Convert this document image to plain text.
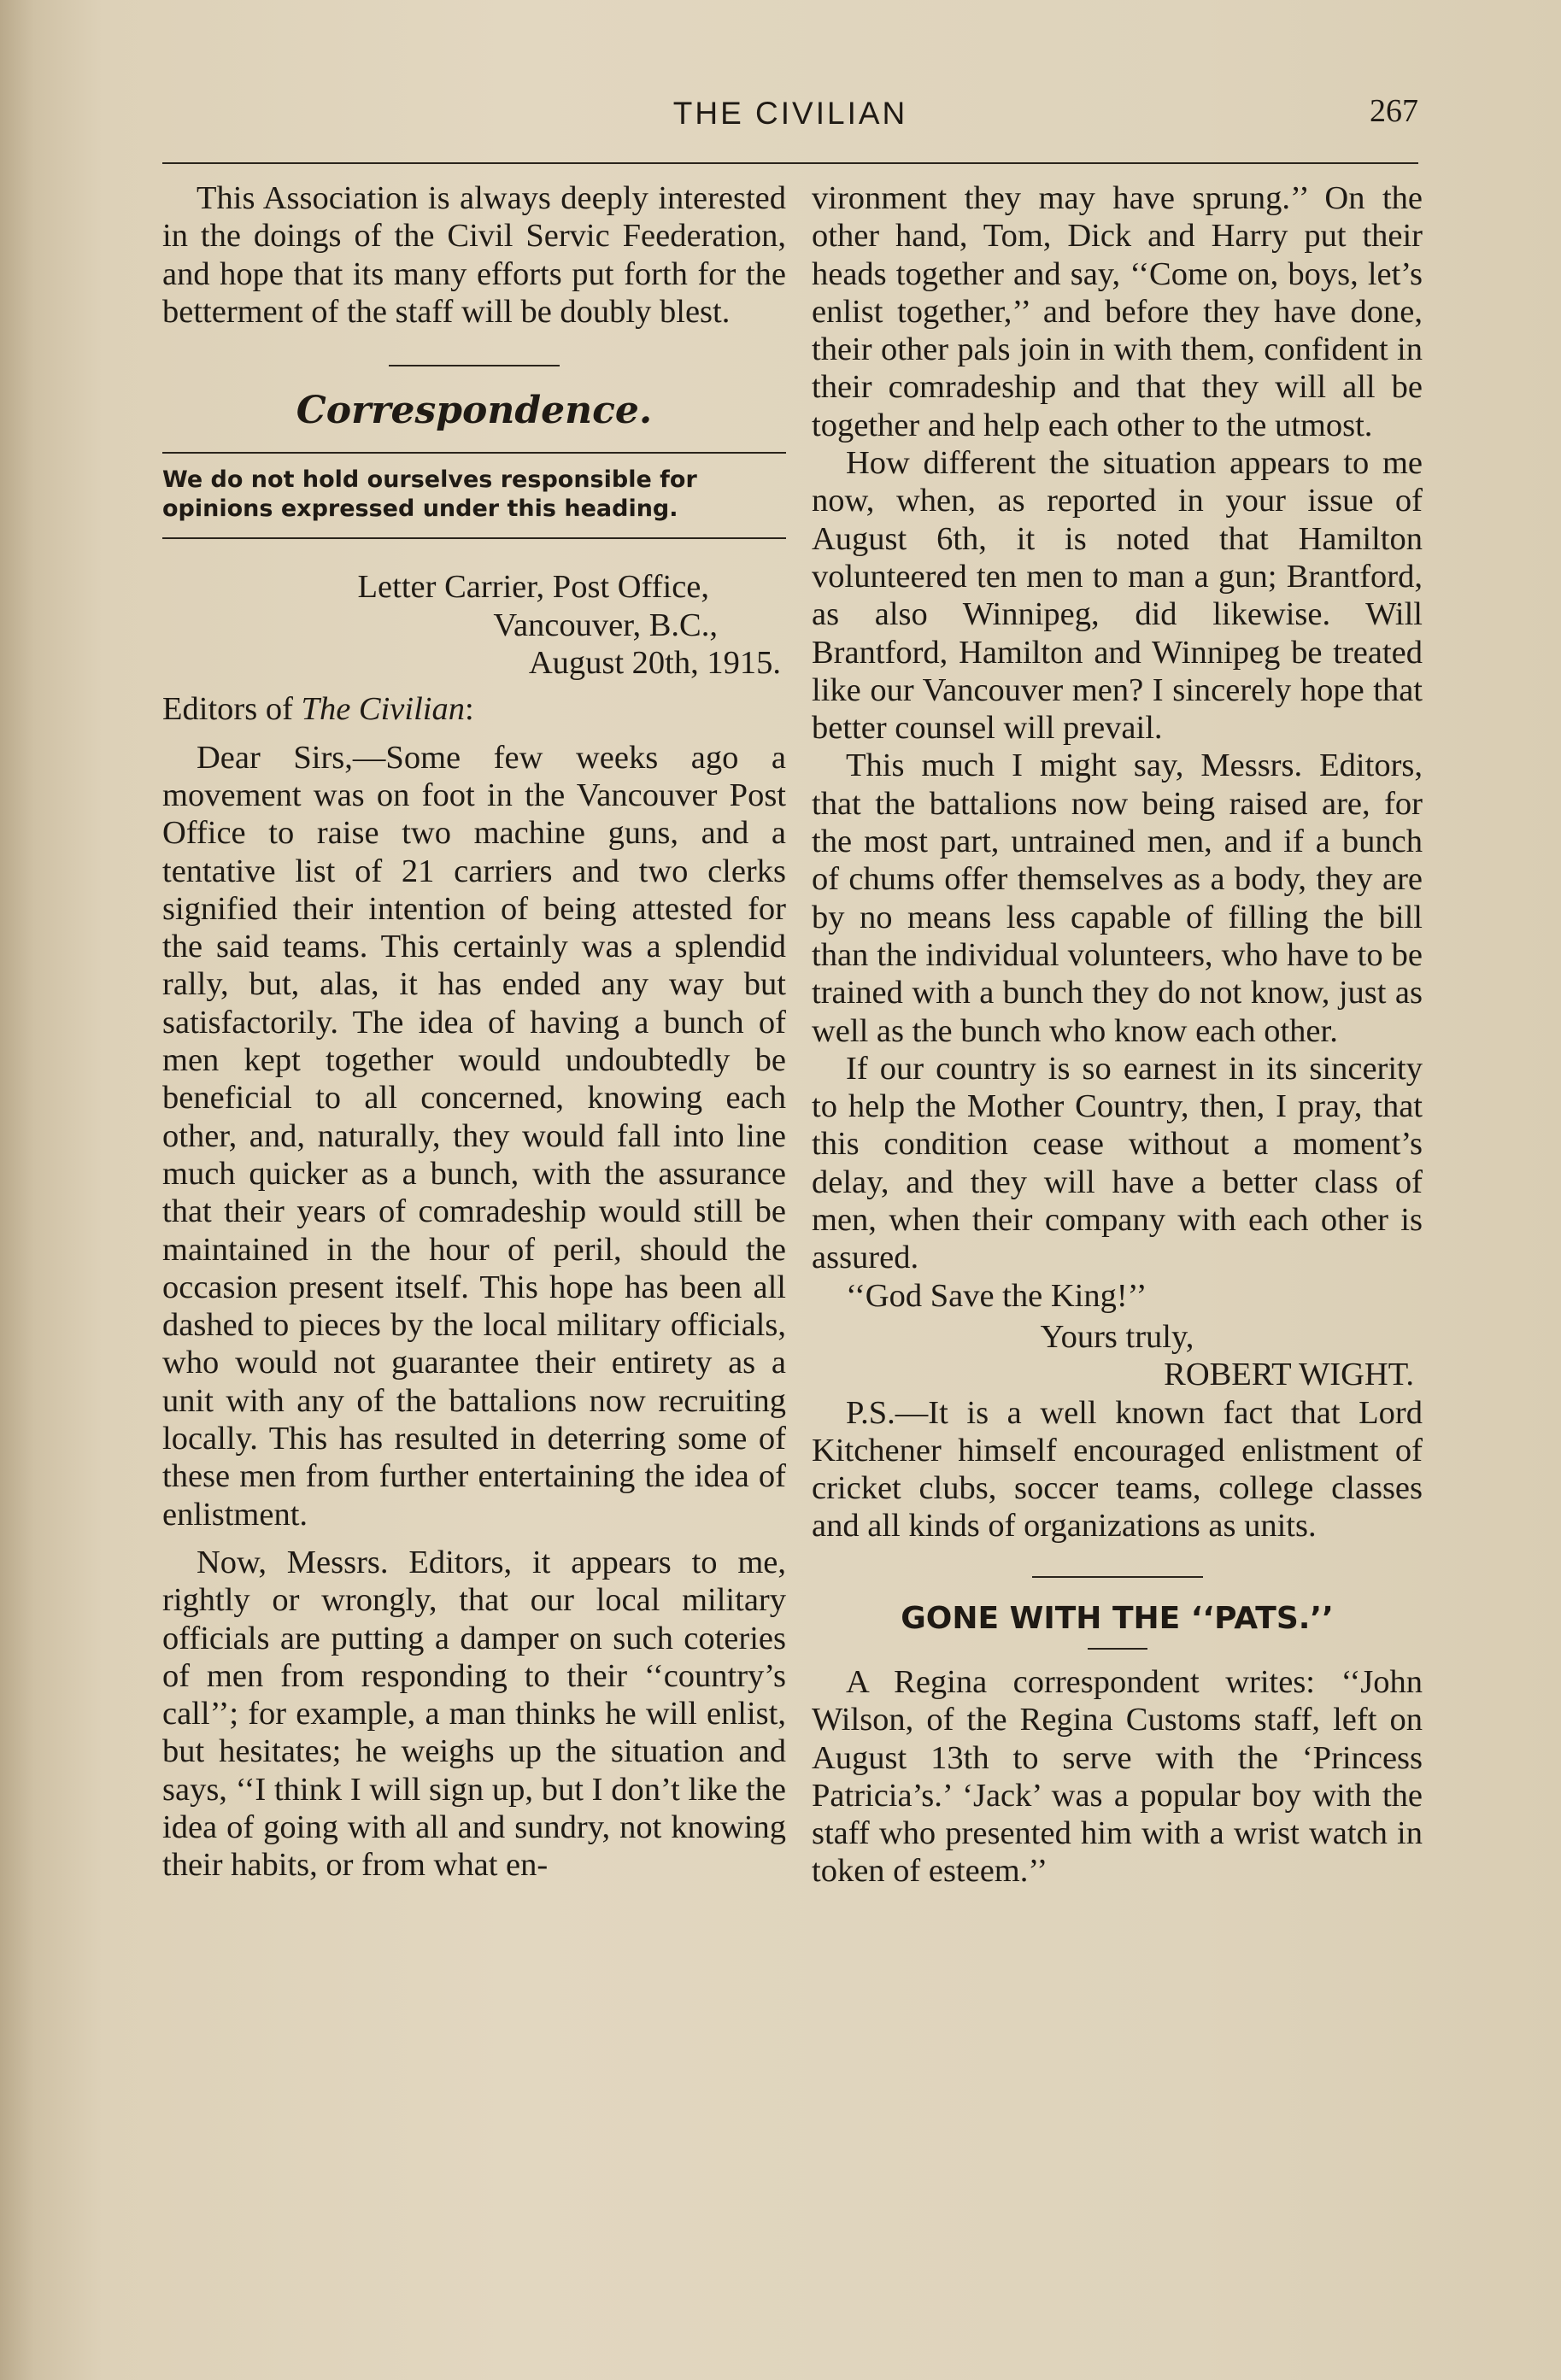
THE CIVILIAN	267

This Association is always deeply interested in the doings of the Civil Servic Feederation, and hope that its many efforts put forth for the betterment of the staff will be doubly blest.

Correspondence.
We do not hold ourselves responsible for opinions expressed under this heading.
Letter Carrier, Post Office,
Vancouver, B.C.,
August 20th, 1915.

Editors of The Civilian:

Dear Sirs,—Some few weeks ago a movement was on foot in the Vancouver Post Office to raise two machine guns, and a tentative list of 21 carriers and two clerks signified their intention of being attested for the said teams. This certainly was a splendid rally, but, alas, it has ended any way but satisfactorily. The idea of having a bunch of men kept together would undoubtedly be beneficial to all concerned, knowing each other, and, naturally, they would fall into line much quicker as a bunch, with the assurance that their years of comradeship would still be maintained in the hour of peril, should the occasion present itself. This hope has been all dashed to pieces by the local military officials, who would not guarantee their entirety as a unit with any of the battalions now recruiting locally. This has resulted in deterring some of these men from further entertaining the idea of enlistment.

Now, Messrs. Editors, it appears to me, rightly or wrongly, that our local military officials are putting a damper on such coteries of men from responding to their ‘‘country’s call’’; for example, a man thinks he will enlist, but hesitates; he weighs up the situation and says, ‘‘I think I will sign up, but I don’t like the idea of going with all and sundry, not knowing their habits, or from what en-

vironment they may have sprung.’’ On the other hand, Tom, Dick and Harry put their heads together and say, ‘‘Come on, boys, let’s enlist together,’’ and before they have done, their other pals join in with them, confident in their comradeship and that they will all be together and help each other to the utmost.

How different the situation appears to me now, when, as reported in your issue of August 6th, it is noted that Hamilton volunteered ten men to man a gun; Brantford, as also Winnipeg, did likewise. Will Brantford, Hamilton and Winnipeg be treated like our Vancouver men? I sincerely hope that better counsel will prevail.

This much I might say, Messrs. Editors, that the battalions now being raised are, for the most part, untrained men, and if a bunch of chums offer themselves as a body, they are by no means less capable of filling the bill than the individual volunteers, who have to be trained with a bunch they do not know, just as well as the bunch who know each other.

If our country is so earnest in its sincerity to help the Mother Country, then, I pray, that this condition cease without a moment’s delay, and they will have a better class of men, when their company with each other is assured.

‘‘God Save the King!’’

Yours truly,

ROBERT WIGHT.

P.S.—It is a well known fact that Lord Kitchener himself encouraged enlistment of cricket clubs, soccer teams, college classes and all kinds of organizations as units.

GONE WITH THE ‘‘PATS.’’

A Regina correspondent writes: ‘‘John Wilson, of the Regina Customs staff, left on August 13th to serve with the ‘Princess Patricia’s.’ ‘Jack’ was a popular boy with the staff who presented him with a wrist watch in token of esteem.’’
